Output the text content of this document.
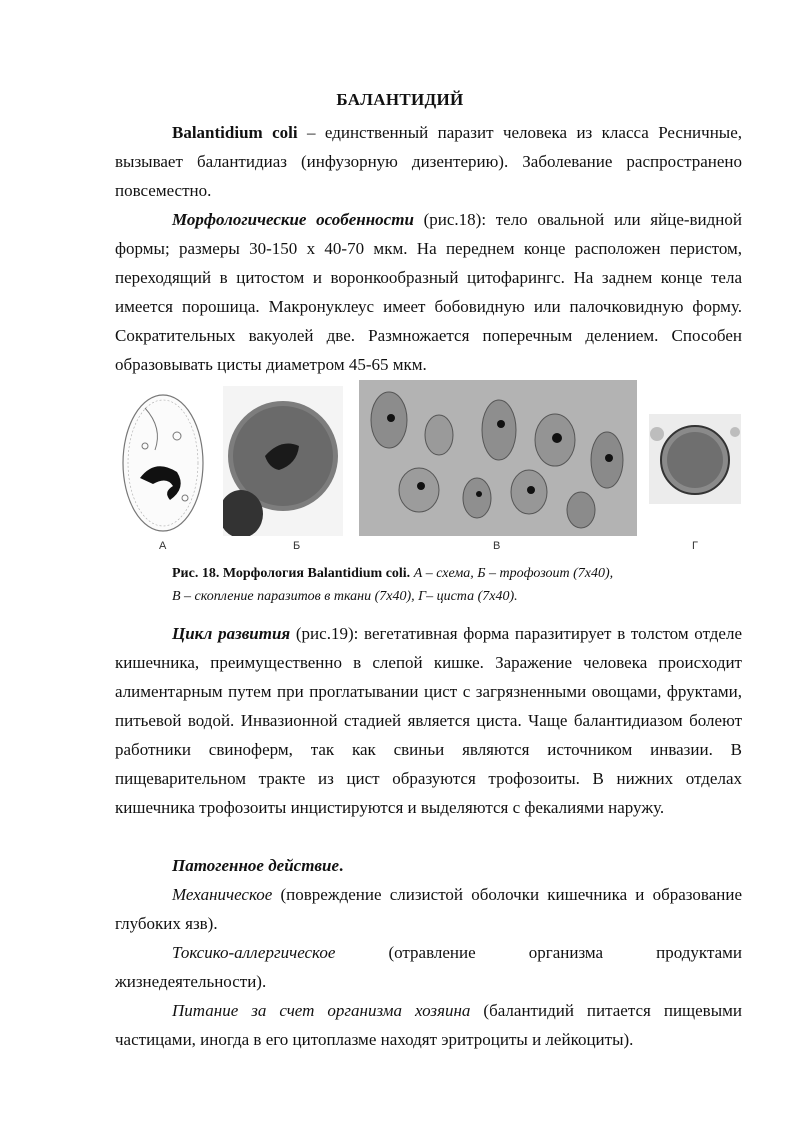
БАЛАНТИДИЙ

Balantidium coli – единственный паразит человека из класса Ресничные, вызывает балантидиаз (инфузорную дизентерию). Заболевание распространено повсеместно.

Морфологические особенности (рис.18): тело овальной или яйце-видной формы; размеры 30-150 х 40-70 мкм. На переднем конце расположен перистом, переходящий в цитостом и воронкообразный цитофарингс. На заднем конце тела имеется порошица. Макронуклеус имеет бобовидную или палочковидную форму. Сократительных вакуолей две. Размножается поперечным делением. Способен образовывать цисты диаметром 45-65 мкм.

А	Б	В	Г
Рис. 18. Морфология Balantidium coli. А – схема, Б – трофозоит (7х40),
В – скопление паразитов в ткани (7х40), Г– циста (7х40).

Цикл развития (рис.19): вегетативная форма паразитирует в толстом отделе кишечника, преимущественно в слепой кишке. Заражение человека происходит алиментарным путем при проглатывании цист с загрязненными овощами, фруктами, питьевой водой. Инвазионной стадией является циста. Чаще балантидиазом болеют работники свиноферм, так как свиньи являются источником инвазии. В пищеварительном тракте из цист образуются трофозоиты. В нижних отделах кишечника трофозоиты инцистируются и выделяются с фекалиями наружу.

Патогенное действие.

Механическое (повреждение слизистой оболочки кишечника и образование глубоких язв).

Токсико-аллергическое (отравление организма продуктами жизнедеятельности).

Питание за счет организма хозяина (балантидий питается пищевыми частицами, иногда в его цитоплазме находят эритроциты и лейкоциты).
